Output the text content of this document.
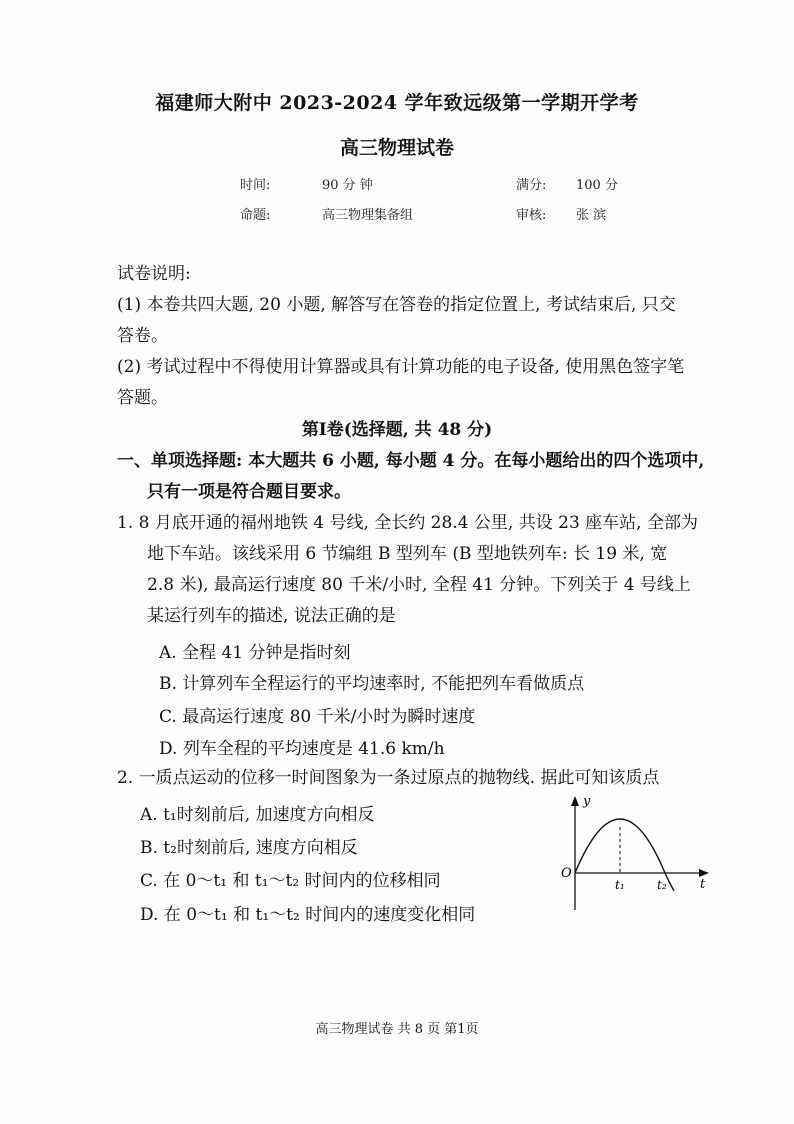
福建师大附中 2023-2024 学年致远级第一学期开学考
高三物理试卷
时间:	90 分 钟	满分: 100 分
命题:	高三物理集备组	审核: 张 滨
试卷说明:
(1) 本卷共四大题, 20 小题, 解答写在答卷的指定位置上, 考试结束后, 只交
答卷。
(2) 考试过程中不得使用计算器或具有计算功能的电子设备, 使用黑色签字笔
答题。
第Ⅰ卷(选择题, 共 48 分)
一、单项选择题: 本大题共 6 小题, 每小题 4 分。在每小题给出的四个选项中,
只有一项是符合题目要求。
1. 8 月底开通的福州地铁 4 号线, 全长约 28.4 公里, 共设 23 座车站, 全部为
地下车站。该线采用 6 节编组 B 型列车 (B 型地铁列车: 长 19 米, 宽
2.8 米), 最高运行速度 80 千米/小时, 全程 41 分钟。下列关于 4 号线上
某运行列车的描述, 说法正确的是
A. 全程 41 分钟是指时刻
B. 计算列车全程运行的平均速率时, 不能把列车看做质点
C. 最高运行速度 80 千米/小时为瞬时速度
D. 列车全程的平均速度是 41.6 km/h
2. 一质点运动的位移一时间图象为一条过原点的抛物线. 据此可知该质点
A. t₁时刻前后, 加速度方向相反
B. t₂时刻前后, 速度方向相反
C. 在 0～t₁ 和 t₁～t₂ 时间内的位移相同
D. 在 0～t₁ 和 t₁～t₂ 时间内的速度变化相同
y
t
O
t₁	t₂
高三物理试卷 共 8 页 第1页
